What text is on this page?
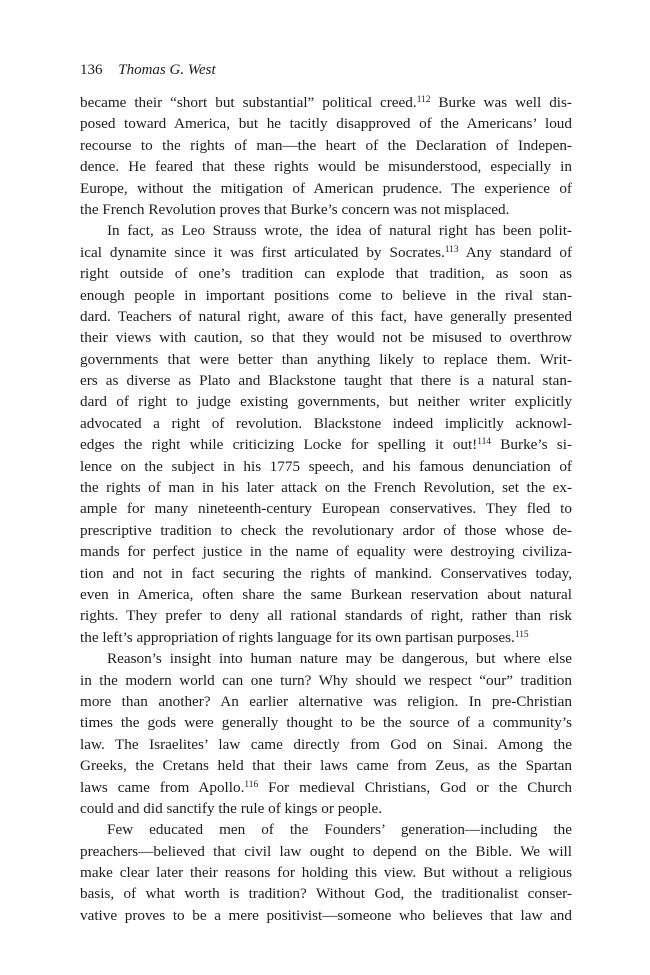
136 Thomas G. West
became their “short but substantial” political creed.$^{112}$ Burke was well dis-
posed toward America, but he tacitly disapproved of the Americans’ loud
recourse to the rights of man—the heart of the Declaration of Indepen-
dence. He feared that these rights would be misunderstood, especially in
Europe, without the mitigation of American prudence. The experience of
the French Revolution proves that Burke’s concern was not misplaced.
In fact, as Leo Strauss wrote, the idea of natural right has been polit-
ical dynamite since it was first articulated by Socrates.$^{113}$ Any standard of
right outside of one’s tradition can explode that tradition, as soon as
enough people in important positions come to believe in the rival stan-
dard. Teachers of natural right, aware of this fact, have generally presented
their views with caution, so that they would not be misused to overthrow
governments that were better than anything likely to replace them. Writ-
ers as diverse as Plato and Blackstone taught that there is a natural stan-
dard of right to judge existing governments, but neither writer explicitly
advocated a right of revolution. Blackstone indeed implicitly acknowl-
edges the right while criticizing Locke for spelling it out!$^{114}$ Burke’s si-
lence on the subject in his 1775 speech, and his famous denunciation of
the rights of man in his later attack on the French Revolution, set the ex-
ample for many nineteenth-century European conservatives. They fled to
prescriptive tradition to check the revolutionary ardor of those whose de-
mands for perfect justice in the name of equality were destroying civiliza-
tion and not in fact securing the rights of mankind. Conservatives today,
even in America, often share the same Burkean reservation about natural
rights. They prefer to deny all rational standards of right, rather than risk
the left’s appropriation of rights language for its own partisan purposes.$^{115}$
Reason’s insight into human nature may be dangerous, but where else
in the modern world can one turn? Why should we respect “our” tradition
more than another? An earlier alternative was religion. In pre-Christian
times the gods were generally thought to be the source of a community’s
law. The Israelites’ law came directly from God on Sinai. Among the
Greeks, the Cretans held that their laws came from Zeus, as the Spartan
laws came from Apollo.$^{116}$ For medieval Christians, God or the Church
could and did sanctify the rule of kings or people.
Few educated men of the Founders’ generation—including the
preachers—believed that civil law ought to depend on the Bible. We will
make clear later their reasons for holding this view. But without a religious
basis, of what worth is tradition? Without God, the traditionalist conser-
vative proves to be a mere positivist—someone who believes that law and
